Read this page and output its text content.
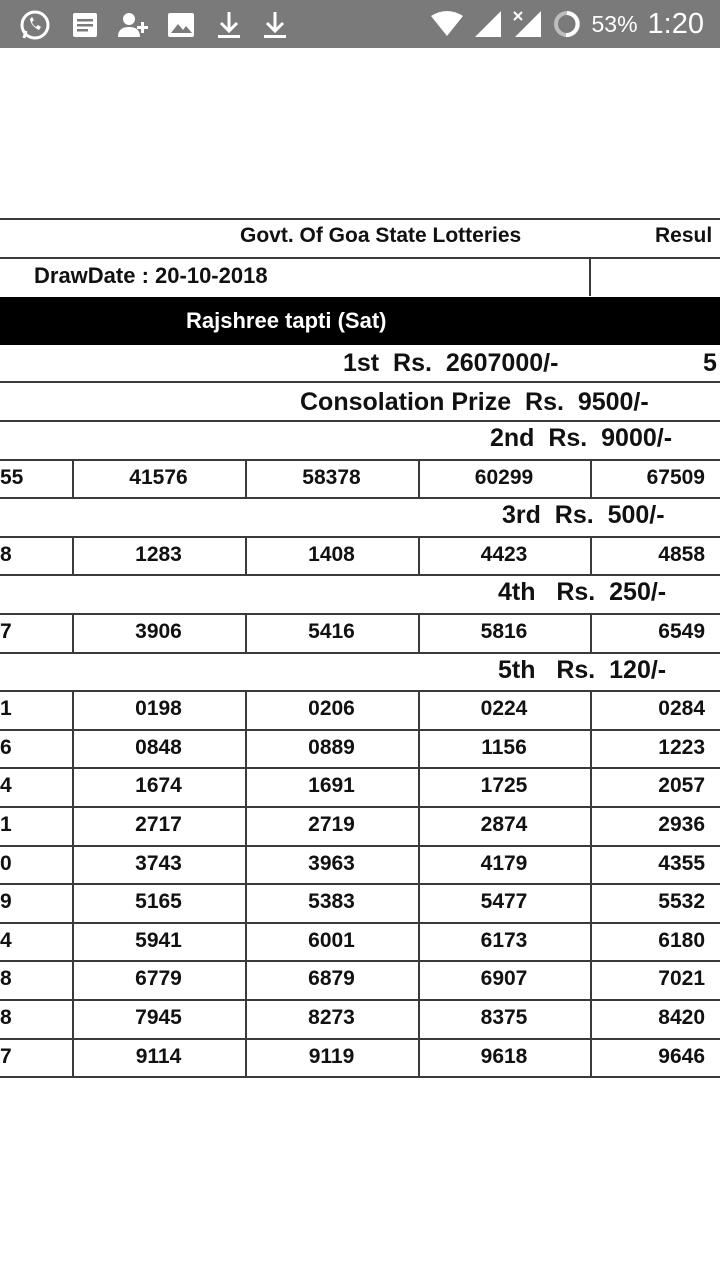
53% 1:20
Govt. Of Goa State Lotteries	Resul
DrawDate : 20-10-2018
Rajshree tapti (Sat)
1st  Rs.  2607000/-	5
Consolation Prize  Rs.  9500/-
2nd  Rs.  9000/-
55	41576	58378	60299	67509
3rd  Rs.  500/-
8	1283	1408	4423	4858
4th   Rs.  250/-
7	3906	5416	5816	6549
5th   Rs.  120/-
1	0198	0206	0224	0284
6	0848	0889	1156	1223
4	1674	1691	1725	2057
1	2717	2719	2874	2936
0	3743	3963	4179	4355
9	5165	5383	5477	5532
4	5941	6001	6173	6180
8	6779	6879	6907	7021
8	7945	8273	8375	8420
7	9114	9119	9618	9646
